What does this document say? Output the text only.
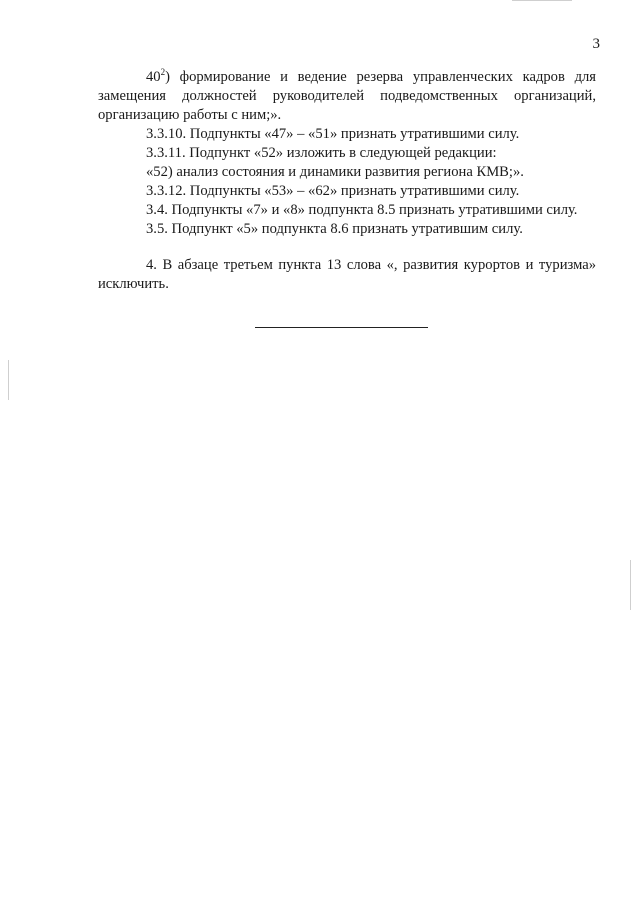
3

$40^2$) формирование и ведение резерва управленческих кадров для замещения должностей руководителей подведомственных организаций, организацию работы с ним;».

3.3.10. Подпункты «47» – «51» признать утратившими силу.

3.3.11. Подпункт «52» изложить в следующей редакции:

«52) анализ состояния и динамики развития региона КМВ;».

3.3.12. Подпункты «53» – «62» признать утратившими силу.

3.4. Подпункты «7» и «8» подпункта 8.5 признать утратившими силу.

3.5. Подпункт «5» подпункта 8.6 признать утратившим силу.

4. В абзаце третьем пункта 13 слова «, развития курортов и туризма» исключить.
